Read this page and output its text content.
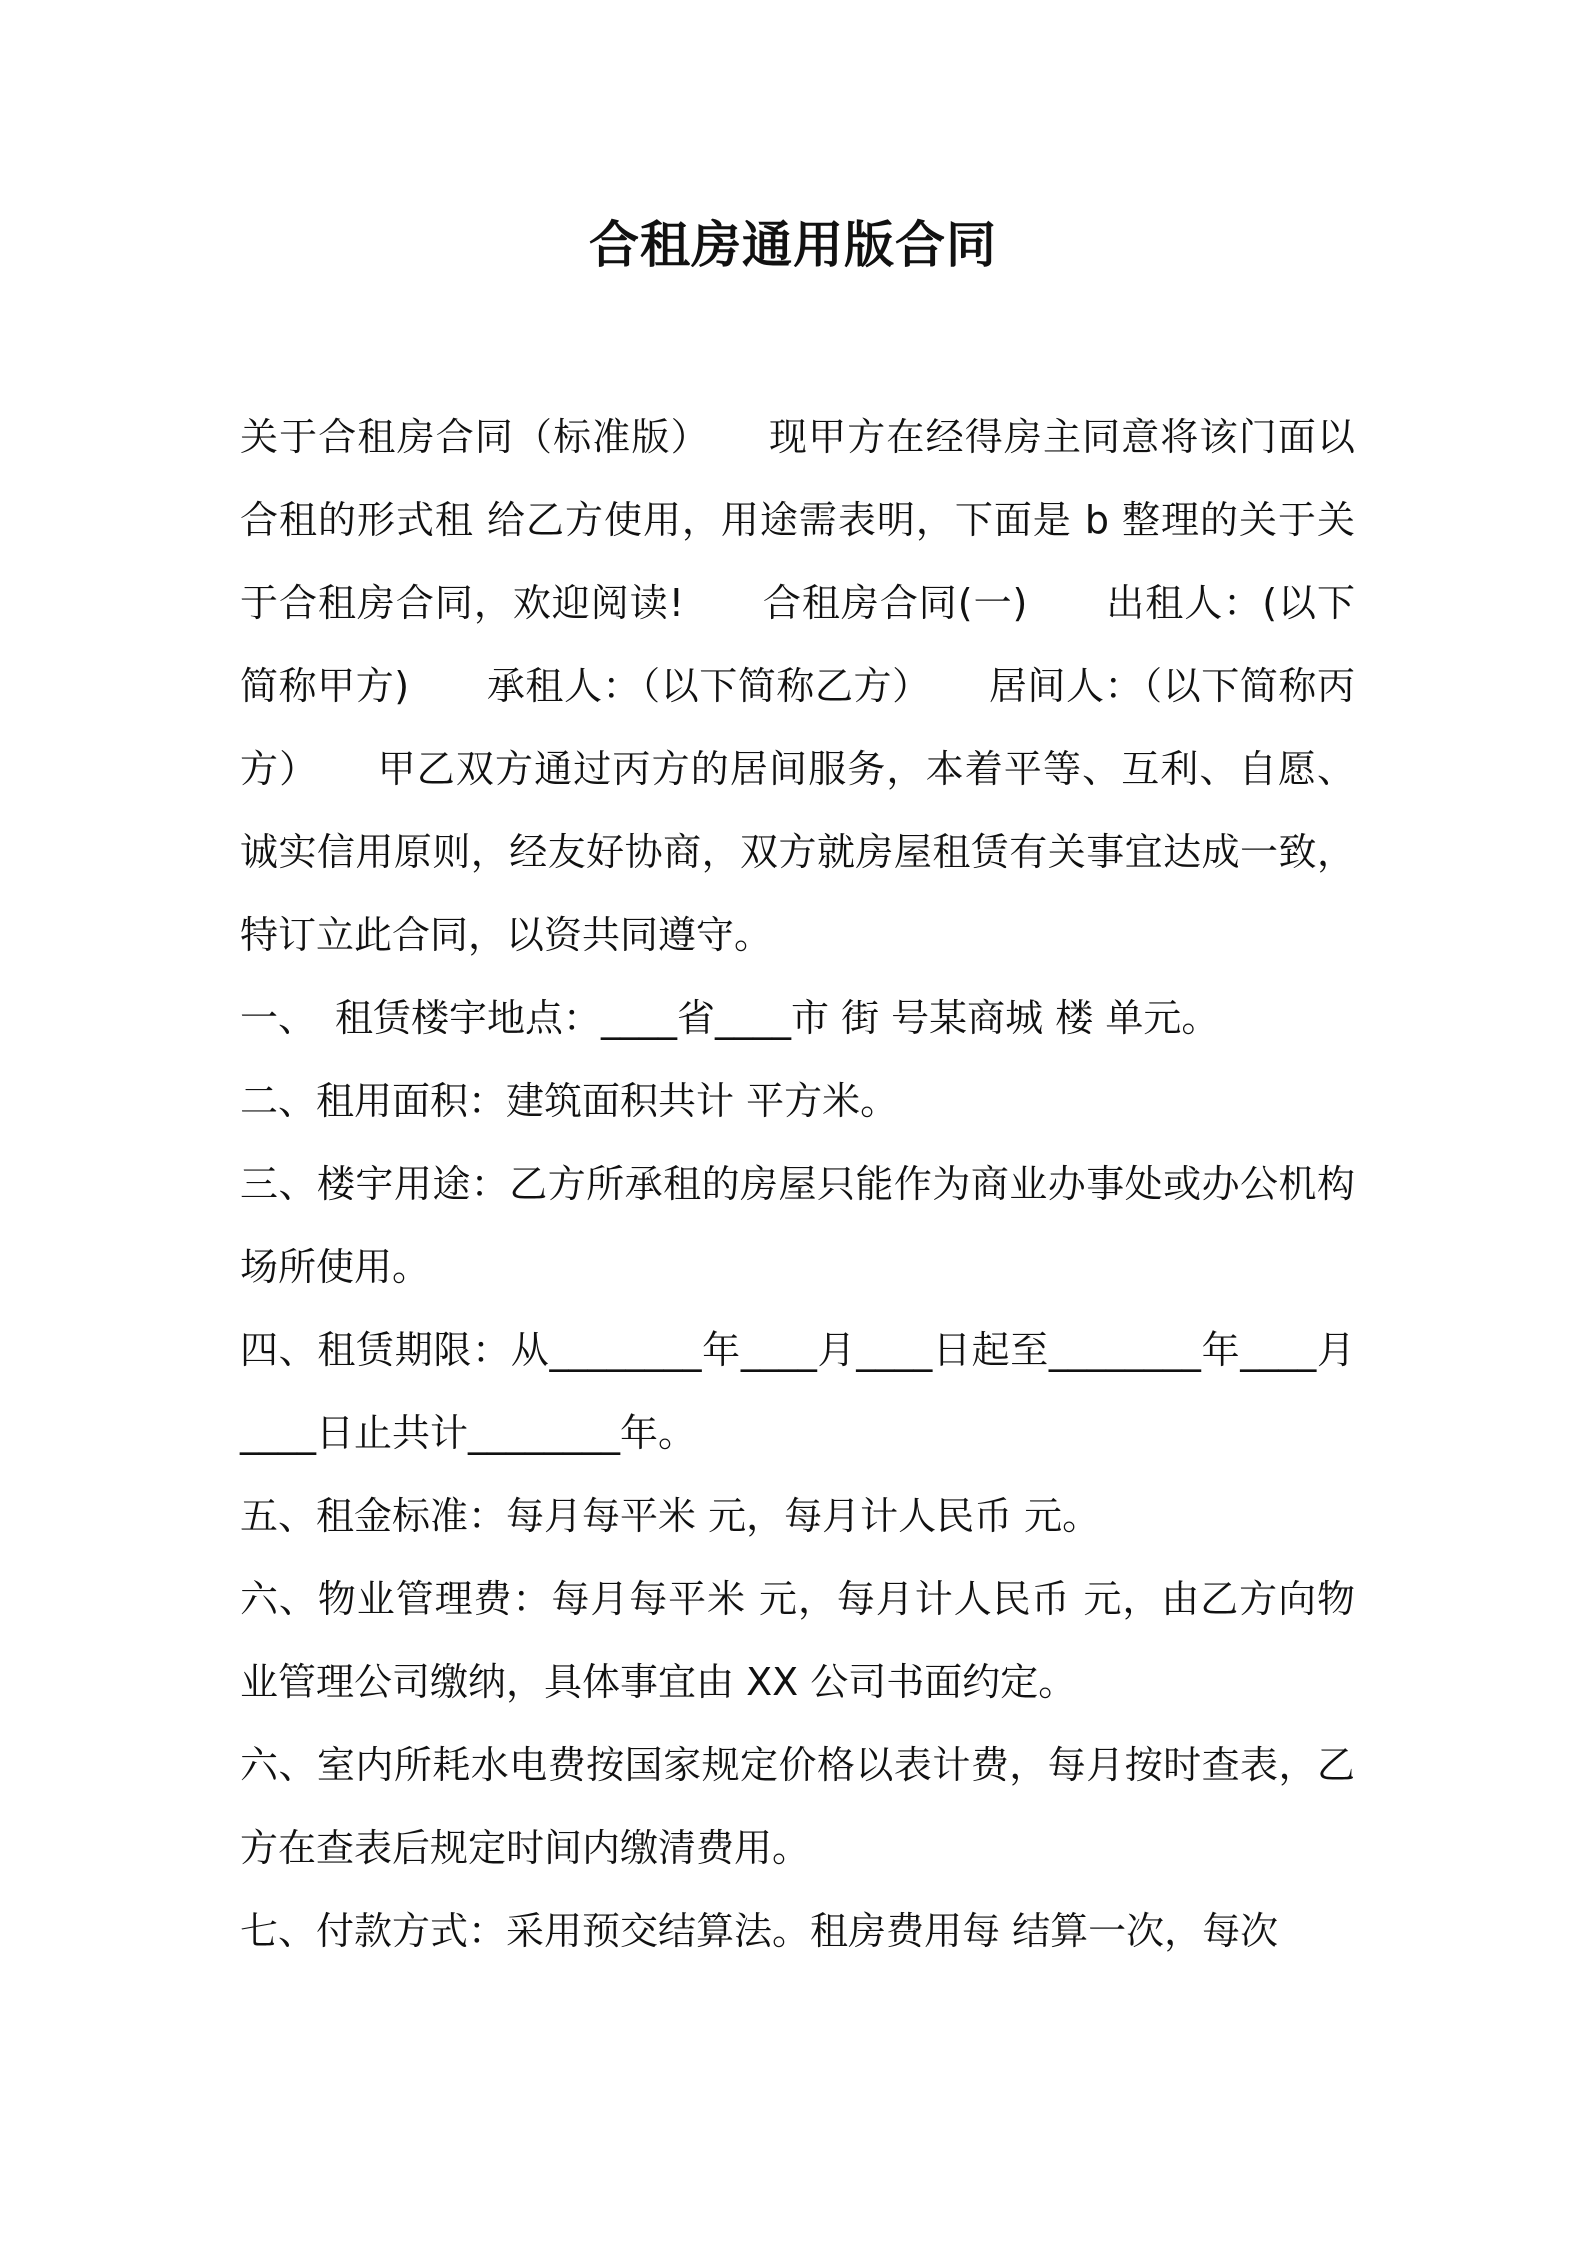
合租房通用版合同

关于合租房合同（标准版）　　现甲方在经得房主同意将该门面以合租的形式租 给乙方使用，用途需表明，下面是 b 整理的关于关于合租房合同，欢迎阅读!　　合租房合同(一)　　出租人：(以下简称甲方)　　承租人：（以下简称乙方）　　居间人：（以下简称丙方）　　甲乙双方通过丙方的居间服务，本着平等、互利、自愿、诚实信用原则，经友好协商，双方就房屋租赁有关事宜达成一致，特订立此合同，以资共同遵守。

一、　租赁楼宇地点：____省____市 街 号某商城 楼 单元。

二、租用面积：建筑面积共计 平方米。

三、楼宇用途：乙方所承租的房屋只能作为商业办事处或办公机构场所使用。

四、租赁期限：从________年____月____日起至________年____月____日止共计________年。

五、租金标准：每月每平米 元，每月计人民币 元。

六、物业管理费：每月每平米 元，每月计人民币 元，由乙方向物业管理公司缴纳，具体事宜由 XX 公司书面约定。

六、室内所耗水电费按国家规定价格以表计费，每月按时查表，乙方在查表后规定时间内缴清费用。

七、付款方式：采用预交结算法。租房费用每 结算一次，每次
